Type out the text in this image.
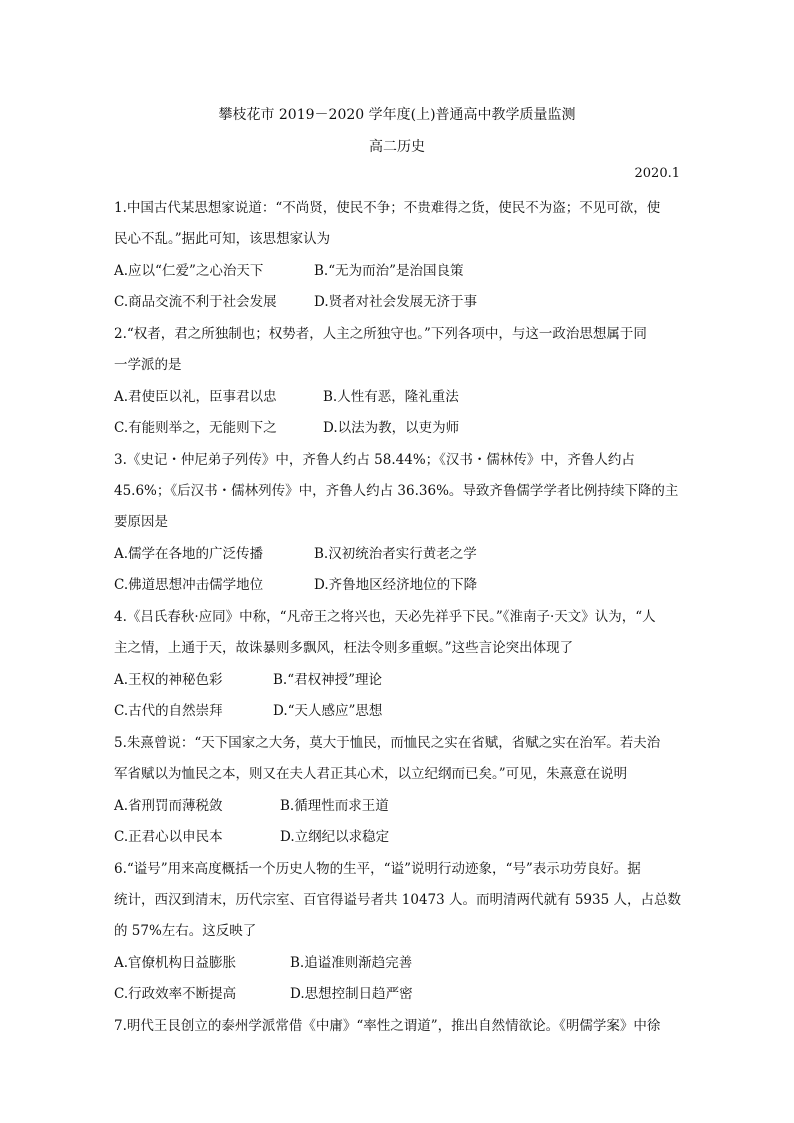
攀枝花市 2019－2020 学年度(上)普通高中教学质量监测
高二历史
2020.1
1.中国古代某思想家说道：“不尚贤，使民不争；不贵难得之货，使民不为盗；不见可欲，使
民心不乱。”据此可知，该思想家认为
A.应以“仁爱”之心治天下	B.“无为而治”是治国良策
C.商品交流不利于社会发展	D.贤者对社会发展无济于事
2.“权者，君之所独制也；权势者，人主之所独守也。”下列各项中，与这一政治思想属于同
一学派的是
A.君使臣以礼，臣事君以忠	B.人性有恶，隆礼重法
C.有能则举之，无能则下之	D.以法为教，以吏为师
3.《史记・仲尼弟子列传》中，齐鲁人约占 58.44%；《汉书・儒林传》中，齐鲁人约占
45.6%；《后汉书・儒林列传》中，齐鲁人约占 36.36%。导致齐鲁儒学学者比例持续下降的主
要原因是
A.儒学在各地的广泛传播	B.汉初统治者实行黄老之学
C.佛道思想冲击儒学地位	D.齐鲁地区经济地位的下降
4.《吕氏春秋·应同》中称，“凡帝王之将兴也，天必先祥乎下民。”《淮南子·天文》认为，“人
主之情，上通于天，故诛暴则多飘风，枉法令则多重螟。”这些言论突出体现了
A.王权的神秘色彩	B.“君权神授”理论
C.古代的自然崇拜	D.“天人感应”思想
5.朱熹曾说：“天下国家之大务，莫大于恤民，而恤民之实在省赋，省赋之实在治军。若夫治
军省赋以为恤民之本，则又在夫人君正其心术，以立纪纲而已矣。”可见，朱熹意在说明
A.省刑罚而薄税敛	B.循理性而求王道
C.正君心以申民本	D.立纲纪以求稳定
6.“谥号”用来高度概括一个历史人物的生平，“谥”说明行动迹象，“号”表示功劳良好。据
统计，西汉到清末，历代宗室、百官得谥号者共 10473 人。而明清两代就有 5935 人，占总数
的 57%左右。这反映了
A.官僚机构日益膨胀	B.追谥准则渐趋完善
C.行政效率不断提高	D.思想控制日趋严密
7.明代王艮创立的泰州学派常借《中庸》“率性之谓道”，推出自然情欲论。《明儒学案》中徐
